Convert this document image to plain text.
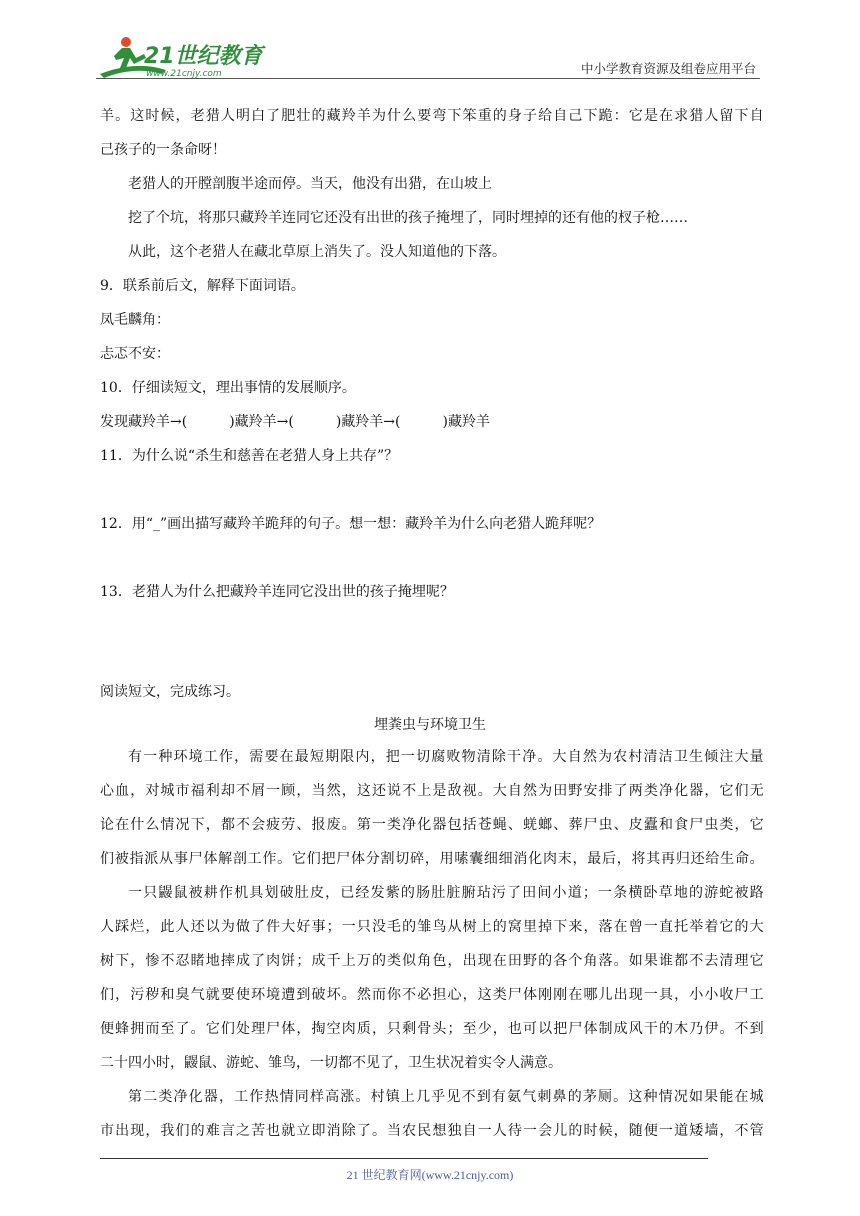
21世纪教育
www.21cnjy.com	中小学教育资源及组卷应用平台
羊。这时候，老猎人明白了肥壮的藏羚羊为什么要弯下笨重的身子给自己下跪：它是在求猎人留下自
己孩子的一条命呀！
老猎人的开膛剖腹半途而停。当天，他没有出猎，在山坡上
挖了个坑，将那只藏羚羊连同它还没有出世的孩子掩埋了，同时埋掉的还有他的杈子枪……
从此，这个老猎人在藏北草原上消失了。没人知道他的下落。
9．联系前后文，解释下面词语。
凤毛麟角：
忐忑不安：
10．仔细读短文，理出事情的发展顺序。
发现藏羚羊→(　　　)藏羚羊→(　　　)藏羚羊→(　　　)藏羚羊
11．为什么说“杀生和慈善在老猎人身上共存”？
12．用“_”画出描写藏羚羊跪拜的句子。想一想：藏羚羊为什么向老猎人跪拜呢？
13．老猎人为什么把藏羚羊连同它没出世的孩子掩埋呢？
阅读短文，完成练习。
埋粪虫与环境卫生
有一种环境工作，需要在最短期限内，把一切腐败物清除干净。大自然为农村清洁卫生倾注大量
心血，对城市福利却不屑一顾，当然，这还说不上是敌视。大自然为田野安排了两类净化器，它们无
论在什么情况下，都不会疲劳、报废。第一类净化器包括苍蝇、蜣螂、葬尸虫、皮蠹和食尸虫类，它
们被指派从事尸体解剖工作。它们把尸体分割切碎，用嗉囊细细消化肉末，最后，将其再归还给生命。
一只鼹鼠被耕作机具划破肚皮，已经发紫的肠肚脏腑玷污了田间小道；一条横卧草地的游蛇被路
人踩烂，此人还以为做了件大好事；一只没毛的雏鸟从树上的窝里掉下来，落在曾一直托举着它的大
树下，惨不忍睹地摔成了肉饼；成千上万的类似角色，出现在田野的各个角落。如果谁都不去清理它
们，污秽和臭气就要使环境遭到破坏。然而你不必担心，这类尸体刚刚在哪儿出现一具，小小收尸工
便蜂拥而至了。它们处理尸体，掏空肉质，只剩骨头；至少，也可以把尸体制成风干的木乃伊。不到
二十四小时，鼹鼠、游蛇、雏鸟，一切都不见了，卫生状况着实令人满意。
第二类净化器，工作热情同样高涨。村镇上几乎见不到有氨气刺鼻的茅厕。这种情况如果能在城
市出现，我们的难言之苦也就立即消除了。当农民想独自一人待一会儿的时候，随便一道矮墙，不管
21 世纪教育网(www.21cnjy.com)
